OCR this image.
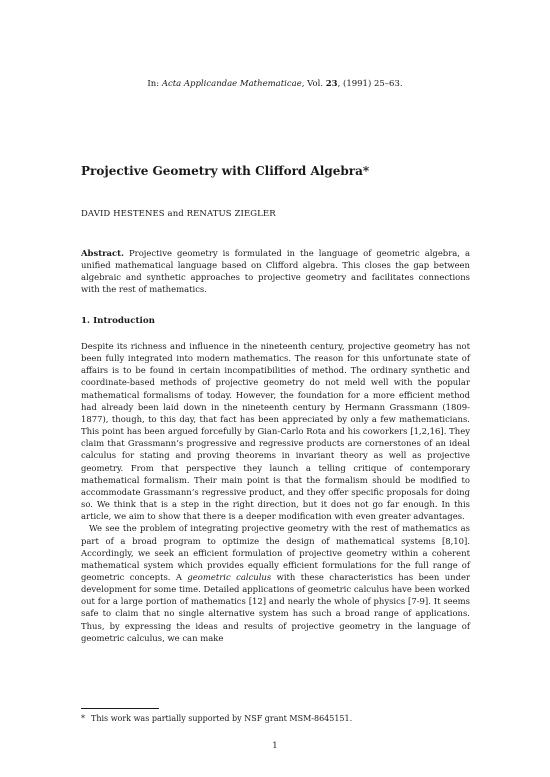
In: Acta Applicandae Mathematicae, Vol. 23, (1991) 25–63.
Projective Geometry with Clifford Algebra*
DAVID HESTENES and RENATUS ZIEGLER

Abstract. Projective geometry is formulated in the language of geometric algebra, a unified mathematical language based on Clifford algebra. This closes the gap between algebraic and synthetic approaches to projective geometry and facilitates connections with the rest of mathematics.

1. Introduction

Despite its richness and influence in the nineteenth century, projective geometry has not been fully integrated into modern mathematics. The reason for this unfortunate state of affairs is to be found in certain incompatibilities of method. The ordinary synthetic and coordinate-based methods of projective geometry do not meld well with the popular mathematical formalisms of today. However, the foundation for a more efficient method had already been laid down in the nineteenth century by Hermann Grassmann (1809-1877), though, to this day, that fact has been appreciated by only a few mathematicians. This point has been argued forcefully by Gian-Carlo Rota and his coworkers [1,2,16]. They claim that Grassmann’s progressive and regressive products are cornerstones of an ideal calculus for stating and proving theorems in invariant theory as well as projective geometry. From that perspective they launch a telling critique of contemporary mathematical formalism. Their main point is that the formalism should be modified to accommodate Grassmann’s regressive product, and they offer specific proposals for doing so. We think that is a step in the right direction, but it does not go far enough. In this article, we aim to show that there is a deeper modification with even greater advantages.

We see the problem of integrating projective geometry with the rest of mathematics as part of a broad program to optimize the design of mathematical systems [8,10]. Accordingly, we seek an efficient formulation of projective geometry within a coherent mathematical system which provides equally efficient formulations for the full range of geometric concepts. A geometric calculus with these characteristics has been under development for some time. Detailed applications of geometric calculus have been worked out for a large portion of mathematics [12] and nearly the whole of physics [7-9]. It seems safe to claim that no single alternative system has such a broad range of applications. Thus, by expressing the ideas and results of projective geometry in the language of geometric calculus, we can make

* This work was partially supported by NSF grant MSM-8645151.
1
